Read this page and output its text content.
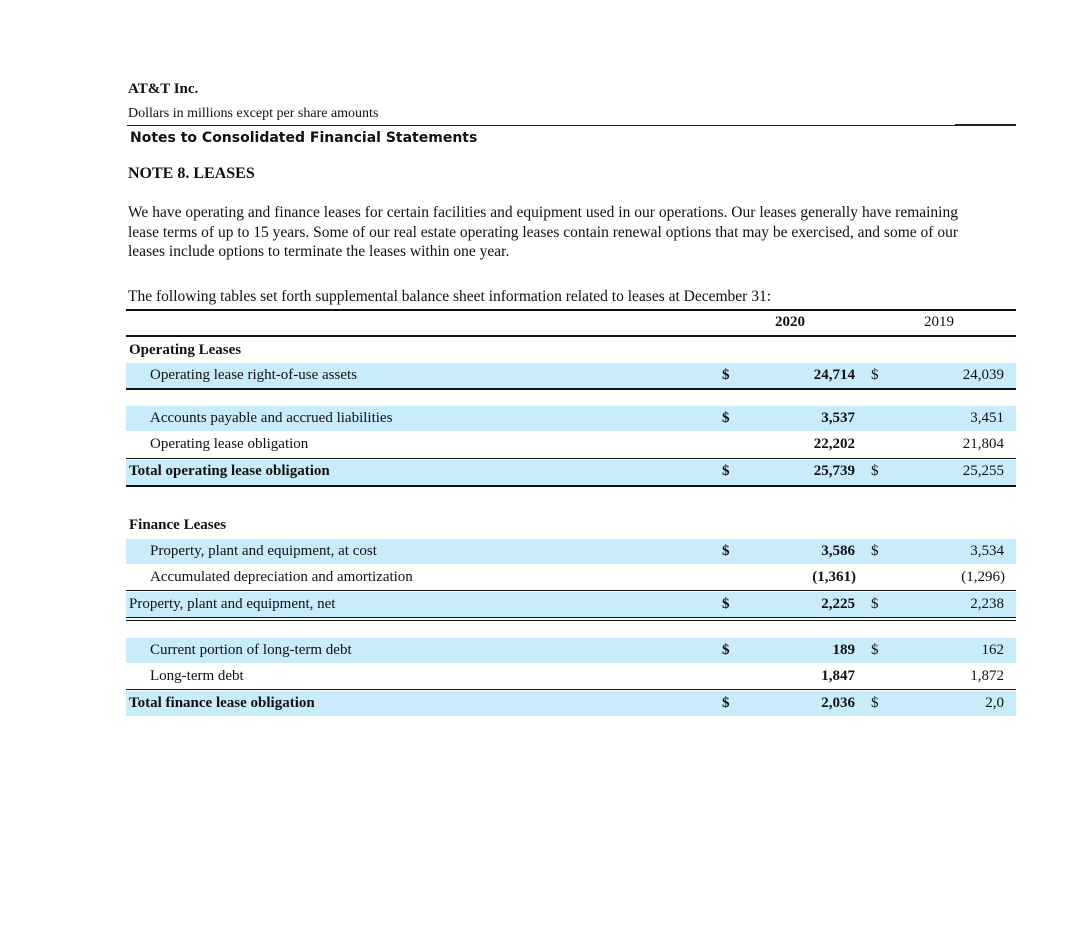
AT&T Inc.
Dollars in millions except per share amounts
Notes to Consolidated Financial Statements
NOTE 8. LEASES
We have operating and finance leases for certain facilities and equipment used in our operations. Our leases generally have remaining lease terms of up to 15 years. Some of our real estate operating leases contain renewal options that may be exercised, and some of our leases include options to terminate the leases within one year.
The following tables set forth supplemental balance sheet information related to leases at December 31:
2020	2019
Operating Leases
Operating lease right-of-use assets	$	24,714 $	24,039
Accounts payable and accrued liabilities	$	3,537	3,451
Operating lease obligation	22,202	21,804
Total operating lease obligation	$	25,739 $	25,255
Finance Leases
Property, plant and equipment, at cost	$	3,586 $	3,534
Accumulated depreciation and amortization	(1,361)	(1,296)
Property, plant and equipment, net	$	2,225 $	2,238
Current portion of long-term debt	$	189 $	162
Long-term debt	1,847	1,872
Total finance lease obligation	$	2,036 $	2,0
